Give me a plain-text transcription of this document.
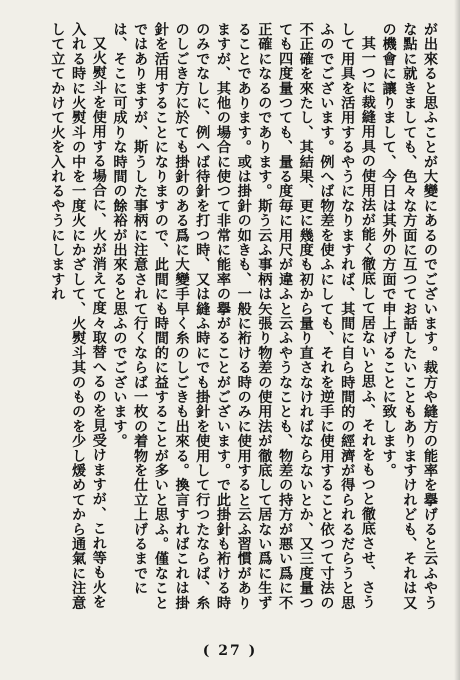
が出來ると思ふことが大變にあるのでございます。裁方や縫方の能率を擧げると云ふやうな點に就きましても、色々な方面に互つてお話したいこともありますけれども、それは又の機會に讓りまして、今日は其外の方面で申上げることに致します。

其一つに裁縫用具の使用法が能く徹底して居ないと思ふ、それをもつと徹底させ、さうして用具を活用するやうになりますれば、其間に自ら時間的の經濟が得られるだらうと思ふのでございます。例へば物差を使ふにしても、それを逆手に使用すること依つて寸法の不正確を來たし、其結果、更に幾度も初から量り直さなければならないとか、又三度量つても四度量つても、量る度毎に用尺が違ふと云ふやうなことも、物差の持方が悪い爲に不正確になるのであります。斯う云ふ事柄は矢張り物差の使用法が徹底して居ない爲に生ずることであります。或は掛針の如きも、一般に裄ける時のみに使用すると云ふ習慣がありますが、其他の場合に使つて非常に能率の擧がることがございます。で此掛針も裄ける時のみでなしに、例へば待針を打つ時、又は縫ふ時にでも掛針を使用して行つたならば、糸のしごき方に於ても掛針のある爲に大變手早く糸のしごきも出來る。換言すればこれは掛針を活用することになりますので、此間にも時間的に益することが多いと思ふ。僅なことではありますが、斯うした事柄に注意されて行くならば一枚の着物を仕立上げるまでには、そこに可成りな時間の餘裕が出來ると思ふのでございます。

又火熨斗を使用する場合に、火が消えて度々取替へるのを見受けますが、これ等も火を入れる時に火熨斗の中を一度火にかざして、火熨斗其のものを少し煖めてから通氣に注意して立てかけて火を入れるやうにしますれ

( 27 )
